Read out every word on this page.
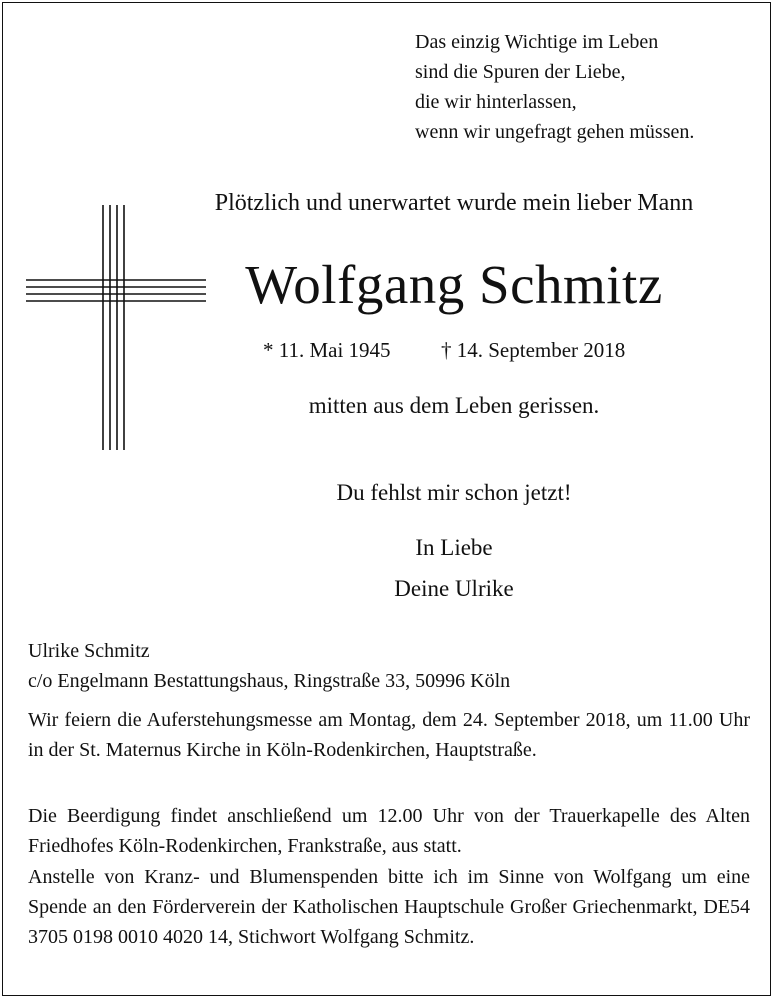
Das einzig Wichtige im Leben
sind die Spuren der Liebe,
die wir hinterlassen,
wenn wir ungefragt gehen müssen.
Plötzlich und unerwartet wurde mein lieber Mann
Wolfgang Schmitz
* 11. Mai 1945 † 14. September 2018
mitten aus dem Leben gerissen.
Du fehlst mir schon jetzt!
In Liebe
Deine Ulrike
Ulrike Schmitz
c/o Engelmann Bestattungshaus, Ringstraße 33, 50996 Köln
Wir feiern die Auferstehungsmesse am Montag, dem 24. September 2018, um 11.00 Uhr in der St. Maternus Kirche in Köln-Rodenkirchen, Hauptstraße.
Die Beerdigung findet anschließend um 12.00 Uhr von der Trauerkapelle des Alten Friedhofes Köln-Rodenkirchen, Frankstraße, aus statt.
Anstelle von Kranz- und Blumenspenden bitte ich im Sinne von Wolfgang um eine Spende an den Förderverein der Katholischen Hauptschule Großer Griechenmarkt, DE54 3705 0198 0010 4020 14, Stichwort Wolfgang Schmitz.
